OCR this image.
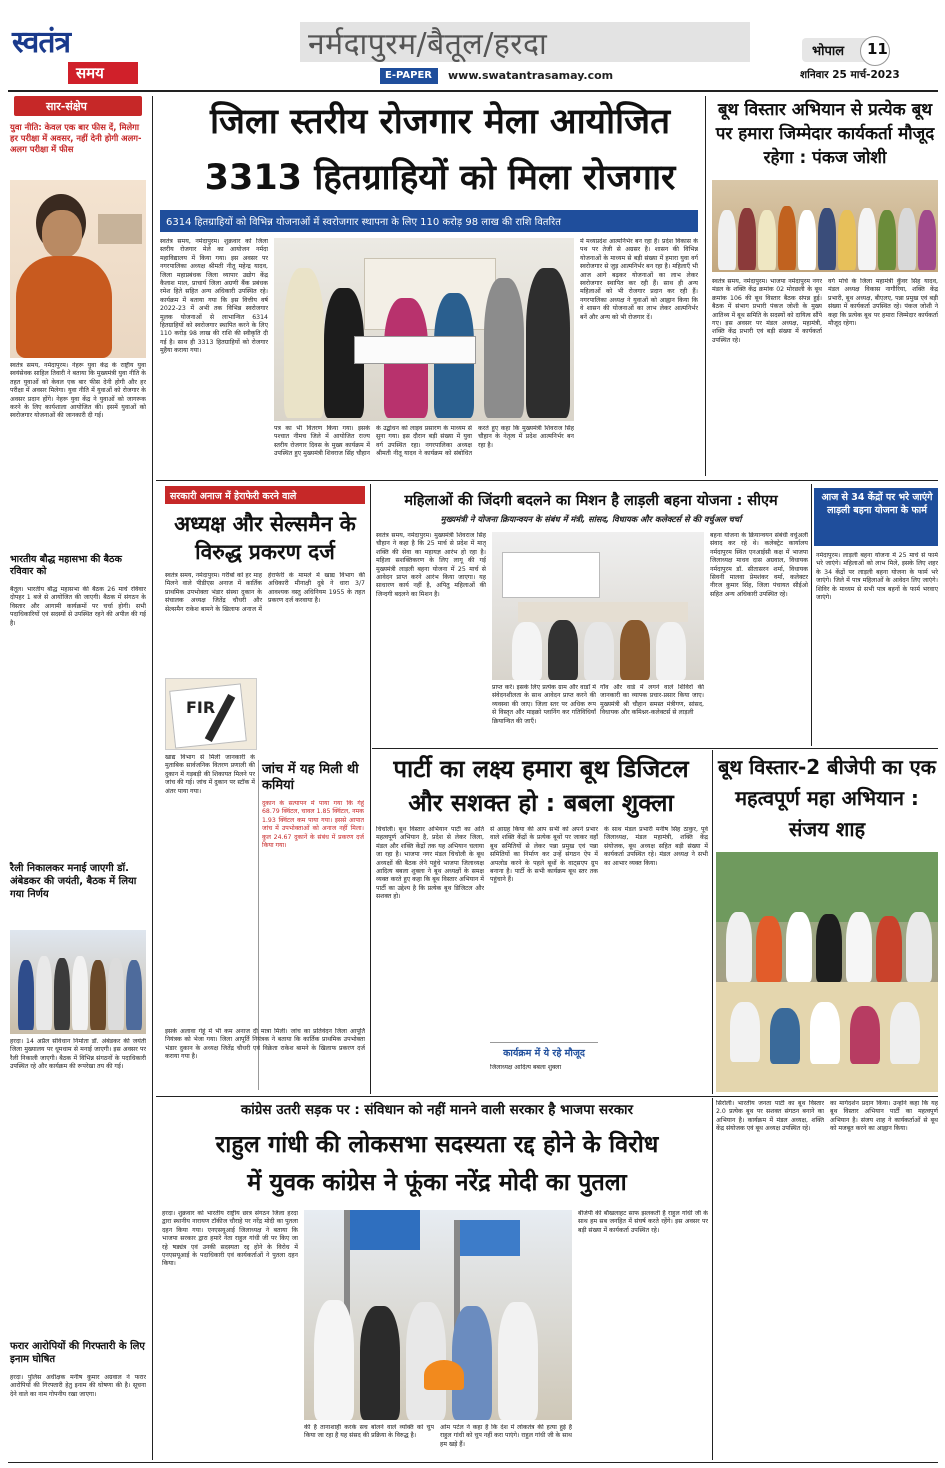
स्वतंत्र
समय
नर्मदापुरम/बैतूल/हरदा
E-PAPER www.swatantrasamay.com
भोपाल 11
शनिवार 25 मार्च-2023
सार-संक्षेप
युवा नीति: केवल एक बार फीस दें, मिलेगा हर परीक्षा में अवसर, नहीं देनी होगी अलग-अलग परीक्षा में फीस
स्वतंत्र समय, नर्मदापुरम। नेहरू युवा केंद्र के राष्ट्रीय युवा स्वयंसेवक साहिल तिवारी ने बताया कि मुख्यमंत्री युवा नीति के तहत युवाओं को केवल एक बार फीस देनी होगी और हर परीक्षा में अवसर मिलेगा। युवा नीति में युवाओं को रोजगार के अवसर प्रदान होंगे। नेहरू युवा केंद्र ने युवाओं को जागरूक करने के लिए कार्यशाला आयोजित की। इसमें युवाओं को स्वरोजगार योजनाओं की जानकारी दी गई।
भारतीय बौद्ध महासभा की बैठक रविवार को
बैतूल। भारतीय बौद्ध महासभा की बैठक 26 मार्च रविवार दोपहर 1 बजे से आयोजित की जाएगी। बैठक में संगठन के विस्तार और आगामी कार्यक्रमों पर चर्चा होगी। सभी पदाधिकारियों एवं सदस्यों से उपस्थित रहने की अपील की गई है।
रैली निकालकर मनाई जाएगी डॉ. अंबेडकर की जयंती, बैठक में लिया गया निर्णय
हरदा। 14 अप्रैल संविधान निर्माता डॉ. अंबेडकर की जयंती जिला मुख्यालय पर धूमधाम से मनाई जाएगी। इस अवसर पर रैली निकाली जाएगी। बैठक में विभिन्न संगठनों के पदाधिकारी उपस्थित रहे और कार्यक्रम की रूपरेखा तय की गई।
फरार आरोपियों की गिरफ्तारी के लिए इनाम घोषित
हरदा। पुलिस अधीक्षक मनीष कुमार अग्रवाल ने फरार आरोपियों की गिरफ्तारी हेतु इनाम की घोषणा की है। सूचना देने वाले का नाम गोपनीय रखा जाएगा।
जिला स्तरीय रोजगार मेला आयोजित
3313 हितग्राहियों को मिला रोजगार
6314 हितग्राहियों को विभिन्न योजनाओं में स्वरोजगार स्थापना के लिए 110 करोड़ 98 लाख की राशि वितरित
स्वतंत्र समय, नर्मदापुरम। शुक्रवार को जिला स्तरीय रोजगार मेले का आयोजन नर्मदा महाविद्यालय में किया गया। इस अवसर पर नगरपालिका अध्यक्ष श्रीमती नीतू महेन्द्र यादव, जिला महाप्रबंधक जिला व्यापार उद्योग केंद्र कैलाश माल, प्राचार्य जिला अग्रणी बैंक प्रबंधक रमेश हिते सहित अन्य अधिकारी उपस्थित रहे। कार्यक्रम में बताया गया कि इस वित्तीय वर्ष 2022-23 में अभी तक विभिन्न स्वरोजगार मूलक योजनाओं से लाभान्वित 6314 हितग्राहियों को स्वरोजगार स्थापित करने के लिए 110 करोड़ 98 लाख की राशि की स्वीकृति दी गई है। साथ ही 3313 हितग्राहियों को रोजगार मुहैया कराया गया।
पत्र का भी वितरण किया गया। इसके पश्चात नीमच जिले में आयोजित राज्य स्तरीय रोजगार दिवस के मुख्य कार्यक्रम में उपस्थित हुए मुख्यमंत्री शिवराज सिंह चौहान के उद्बोधन को लाइव प्रसारण के माध्यम से सुना गया। इस दौरान बड़ी संख्या में युवा वर्ग उपस्थित रहा। नगरपालिका अध्यक्ष श्रीमती नीतू यादव ने कार्यक्रम को संबोधित करते हुए कहा कि मुख्यमंत्री शिवराज सिंह चौहान के नेतृत्व में प्रदेश आत्मनिर्भर बन रहा है।
में मध्यप्रदेश आत्मनिर्भर बन रहा है। प्रदेश विकास के पथ पर तेजी से अग्रसर है। शासन की विभिन्न योजनाओं के माध्यम से बड़ी संख्या में हमारा युवा वर्ग स्वरोजगार से जुड़ आत्मनिर्भर बन रहा है। महिलाएँ भी आज आगे बढ़कर योजनाओं का लाभ लेकर स्वरोजगार स्थापित कर रही हैं। साथ ही अन्य महिलाओं को भी रोजगार प्रदान कर रही हैं। नगरपालिका अध्यक्ष ने युवाओं को आह्वान किया कि वे शासन की योजनाओं का लाभ लेकर आत्मनिर्भर बनें और अन्य को भी रोजगार दें।
बूथ विस्तार अभियान से प्रत्येक बूथ पर हमारा जिम्मेदार कार्यकर्ता मौजूद रहेगा : पंकज जोशी
स्वतंत्र समय, नर्मदापुरम। भाजपा नर्मदापुरम नगर मंडल के शक्ति केंद्र क्रमांक 02 मोरछली के बूथ क्रमांक 106 की बूथ विस्तार बैठक संपन्न हुई। बैठक में संभाग प्रभारी पंकज जोशी के मुख्य आतिथ्य में बूथ समिति के सदस्यों को दायित्व सौंपे गए। इस अवसर पर मंडल अध्यक्ष, महामंत्री, शक्ति केंद्र प्रभारी एवं बड़ी संख्या में कार्यकर्ता उपस्थित रहे।
वर्ग मोर्चे के जिला महामंत्री कुँवर सिंह यादव, मंडल अध्यक्ष विकास नागौरिया, शक्ति केंद्र प्रभारी, बूथ अध्यक्ष, बीएलए, पन्ना प्रमुख एवं बड़ी संख्या में कार्यकर्ता उपस्थित रहे। पंकज जोशी ने कहा कि प्रत्येक बूथ पर हमारा जिम्मेदार कार्यकर्ता मौजूद रहेगा।
सरकारी अनाज में हेराफेरी करने वाले
अध्यक्ष और सेल्समैन के विरुद्ध प्रकरण दर्ज
स्वतंत्र समय, नर्मदापुरम। गरीबों को हर माह मिलने वाले पीडीएस अनाज में कार्तिक प्राथमिक उपभोक्ता भंडार संस्था दुकान के संचालक अध्यक्ष जितेंद्र चौधरी और सेल्समैन राकेश बामने के खिलाफ अनाज में हेराफेरी के मामले में खाद्य विभाग की अधिकारी मीनाक्षी दुबे ने धारा 3/7 आवश्यक वस्तु अधिनियम 1955 के तहत प्रकरण दर्ज करवाया है।
FIR
खाद्य विभाग से मिली जानकारी के मुताबिक सार्वजनिक वितरण प्रणाली की दुकान में गड़बड़ी की शिकायत मिलने पर जांच की गई। जांच में दुकान पर स्टॉक में अंतर पाया गया।
जांच में यह मिली थी कमियां
दुकान के सत्यापन में पाया गया कि गेहूं 68.79 क्विंटल, चावल 1.85 क्विंटल, नमक 1.93 क्विंटल कम पाया गया। इससे आपात जांच में उपभोक्ताओं को अनाज नहीं मिला। कुल 24.67 दुकानें के संबंध में प्रकरण दर्ज किया गया।
इसके अलावा गेहूं में भी कम अनाज दी मात्रा मिली। जांच का प्रतिवेदन जिला आपूर्ति नियंत्रक को भेजा गया। जिला आपूर्ति नियंत्रक ने बताया कि कार्तिक प्राथमिक उपभोक्ता भंडार दुकान के अध्यक्ष जितेंद्र चौधरी एवं विक्रेता राकेश बामने के खिलाफ प्रकरण दर्ज कराया गया है।
महिलाओं की जिंदगी बदलने का मिशन है लाड़ली बहना योजना : सीएम
मुख्यमंत्री ने योजना क्रियान्वयन के संबंध में मंत्री, सांसद, विधायक और कलेक्टर्स से की वर्चुअल चर्चा
स्वतंत्र समय, नर्मदापुरम। मुख्यमंत्री शिवराज सिंह चौहान ने कहा है कि 25 मार्च से प्रदेश में मातृ शक्ति की सेवा का महायज्ञ आरंभ हो रहा है। महिला सशक्तिकरण के लिए लागू की गई मुख्यमंत्री लाड़ली बहना योजना में 25 मार्च से आवेदन प्राप्त करने आरंभ किया जाएगा। यह साधारण कार्य नहीं है, अपितु महिलाओं की जिन्दगी बदलने का मिशन है।
प्राप्त करें। इसके लिए प्रत्येक ग्राम और वार्डों में संवेदनशीलता के साथ आवेदन प्राप्त करने की व्यवस्था की जाए। जिला स्तर पर अधिक रूप से विस्तृत और माइक्रो प्लानिंग कर गतिविधियाँ क्रियान्वित की जाएँ।
गाँव और वार्ड में लगने वाले शिविरों की जानकारी का व्यापक प्रचार-प्रसार किया जाए। मुख्यमंत्री श्री चौहान समस्त मंत्रीगण, सांसद, विधायक और कमिश्नर-कलेक्टर्स से लाड़ली
बहना योजना के क्रियान्वयन संबंधी वर्चुअली संवाद कर रहे थे। कलेक्ट्रेट कार्यालय नर्मदापुरम स्थित एनआईसी कक्ष में भाजपा जिलाध्यक्ष माधव दास अग्रवाल, विधायक नर्मदापुरम डॉ. सीतासरन शर्मा, विधायक सिवनी मालवा प्रेमशंकर वर्मा, कलेक्टर नीरज कुमार सिंह, जिला पंचायत सीईओ सहित अन्य अधिकारी उपस्थित रहे।
आज से 34 केंद्रों पर भरे जाएंगे लाड़ली बहना योजना के फार्म
नर्मदापुरम। लाड़ली बहना योजना में 25 मार्च से फार्म भरे जाएंगे। महिलाओं को लाभ मिले, इसके लिए शहर के 34 केंद्रों पर लाड़ली बहना योजना के फार्म भरे जाएंगे। जिले में पात्र महिलाओं के आवेदन लिए जाएंगे। शिविर के माध्यम से सभी पात्र बहनों के फार्म भरवाए जाएंगे।
पार्टी का लक्ष्य हमारा बूथ डिजिटल और सशक्त हो : बबला शुक्ला
चिचोली। बूथ विस्तार अभियान पार्टी का अति महत्वपूर्ण अभियान है, प्रदेश से लेकर जिला, मंडल और शक्ति केंद्रों तक यह अभियान चलाया जा रहा है। भाजपा नगर मंडल चिचोली के बूथ अध्यक्षों की बैठक लेने पहुंचे भाजपा जिलाध्यक्ष आदित्य बबला शुक्ला ने बूथ अध्यक्षों के समक्ष व्यक्त करते हुए कहा कि बूथ विस्तार अभियान में पार्टी का उद्देश्य है कि प्रत्येक बूथ डिजिटल और सशक्त हो।
से आग्रह किया की आप सभी को अपने प्रभार वाले शक्ति केंद्रों के प्रत्येक बूथों पर जाकर वहाँ बूथ समितियों से लेकर पन्ना प्रमुख एवं पन्ना समितियों का निर्माण कर उन्हें संगठन ऐप में अपलोड करने के पहले बूथों के वाट्सएप ग्रुप बनाना है। पार्टी के सभी कार्यक्रम बूथ स्तर तक पहुंचाने हैं।
कार्यक्रम में ये रहे मौजूद
जिलाध्यक्ष आदित्य बबला शुक्ला
के साथ मंडल प्रभारी मनीष सिंह ठाकुर, पूर्व जिलाध्यक्ष, मंडल महामंत्री, शक्ति केंद्र संयोजक, बूथ अध्यक्ष सहित बड़ी संख्या में कार्यकर्ता उपस्थित रहे। मंडल अध्यक्ष ने सभी का आभार व्यक्त किया।
बूथ विस्तार-2 बीजेपी का एक महत्वपूर्ण महा अभियान : संजय शाह
कांग्रेस उतरी सड़क पर : संविधान को नहीं मानने वाली सरकार है भाजपा सरकार
राहुल गांधी की लोकसभा सदस्यता रद्द होने के विरोध
में युवक कांग्रेस ने फूंका नरेंद्र मोदी का पुतला
हरदा। शुक्रवार को भारतीय राष्ट्रीय छात्र संगठन जिला हरदा द्वारा स्थानीय नारायण टॉकीज चौराहे पर नरेंद्र मोदी का पुतला दहन किया गया। एनएसयूआई जिलाध्यक्ष ने बताया कि भाजपा सरकार द्वारा हमारे नेता राहुल गांधी जी पर किए जा रहे षड्यंत्र एवं उनकी सदस्यता रद्द होने के विरोध में एनएसयूआई के पदाधिकारी एवं कार्यकर्ताओं ने पुतला दहन किया।
की है तानाशाही करके सच बोलने वाले व्यक्ति को चुप किया जा रहा है यह संसद की प्रक्रिया के विरुद्ध है।
ओम पटेल ने कहा है कि देश में लोकतंत्र की हत्या हुई है राहुल गांधी को चुप नहीं करा पाएंगे। राहुल गांधी जी के साथ हम खड़े हैं।
बीजेपी की बौखलाहट साफ झलकती है राहुल गांधी जी के साथ हम सब जनहित में संघर्ष करते रहेंगे। इस अवसर पर बड़ी संख्या में कार्यकर्ता उपस्थित रहे।
सिरोली। भारतीय जनता पार्टी का बूथ विस्तार 2.0 प्रत्येक बूथ पर सशक्त संगठन बनाने का अभियान है। कार्यक्रम में मंडल अध्यक्ष, शक्ति केंद्र संयोजक एवं बूथ अध्यक्ष उपस्थित रहे।
का मार्गदर्शन प्रदान किया। उन्होंने कहा कि यह बूथ विस्तार अभियान पार्टी का महत्वपूर्ण अभियान है। संजय शाह ने कार्यकर्ताओं से बूथ को मजबूत करने का आह्वान किया।
